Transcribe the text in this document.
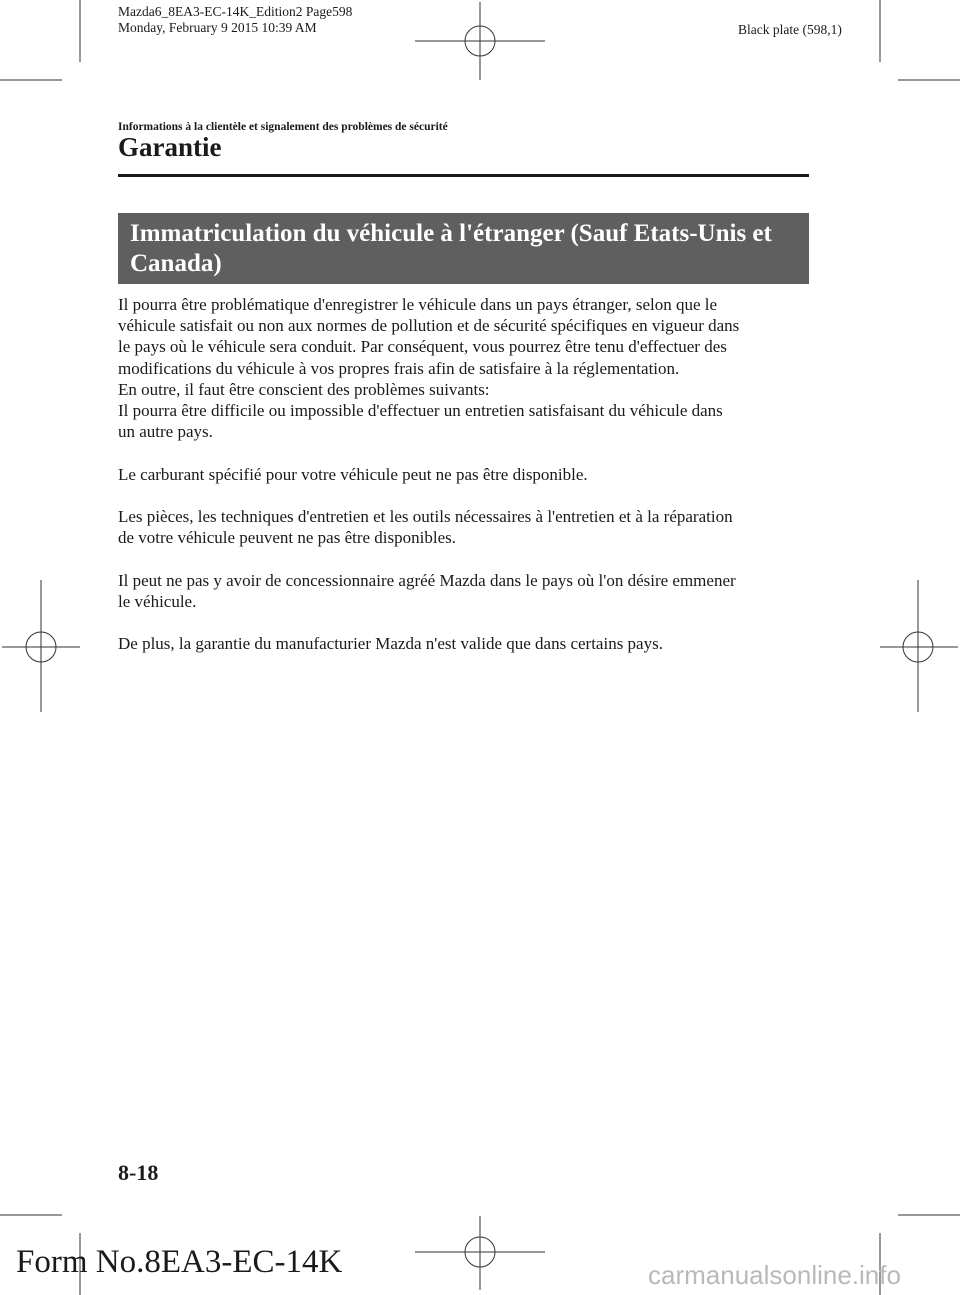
Mazda6_8EA3-EC-14K_Edition2 Page598
Monday, February 9 2015 10:39 AM	Black plate (598,1)
Informations à la clientèle et signalement des problèmes de sécurité
Garantie
Immatriculation du véhicule à l'étranger (Sauf Etats-Unis et
Canada)

Il pourra être problématique d'enregistrer le véhicule dans un pays étranger, selon que le
véhicule satisfait ou non aux normes de pollution et de sécurité spécifiques en vigueur dans
le pays où le véhicule sera conduit. Par conséquent, vous pourrez être tenu d'effectuer des
modifications du véhicule à vos propres frais afin de satisfaire à la réglementation.

En outre, il faut être conscient des problèmes suivants:

Il pourra être difficile ou impossible d'effectuer un entretien satisfaisant du véhicule dans
un autre pays.

Le carburant spécifié pour votre véhicule peut ne pas être disponible.

Les pièces, les techniques d'entretien et les outils nécessaires à l'entretien et à la réparation
de votre véhicule peuvent ne pas être disponibles.

Il peut ne pas y avoir de concessionnaire agréé Mazda dans le pays où l'on désire emmener
le véhicule.

De plus, la garantie du manufacturier Mazda n'est valide que dans certains pays.

8-18
Form No.8EA3-EC-14K	carmanualsonline.info
